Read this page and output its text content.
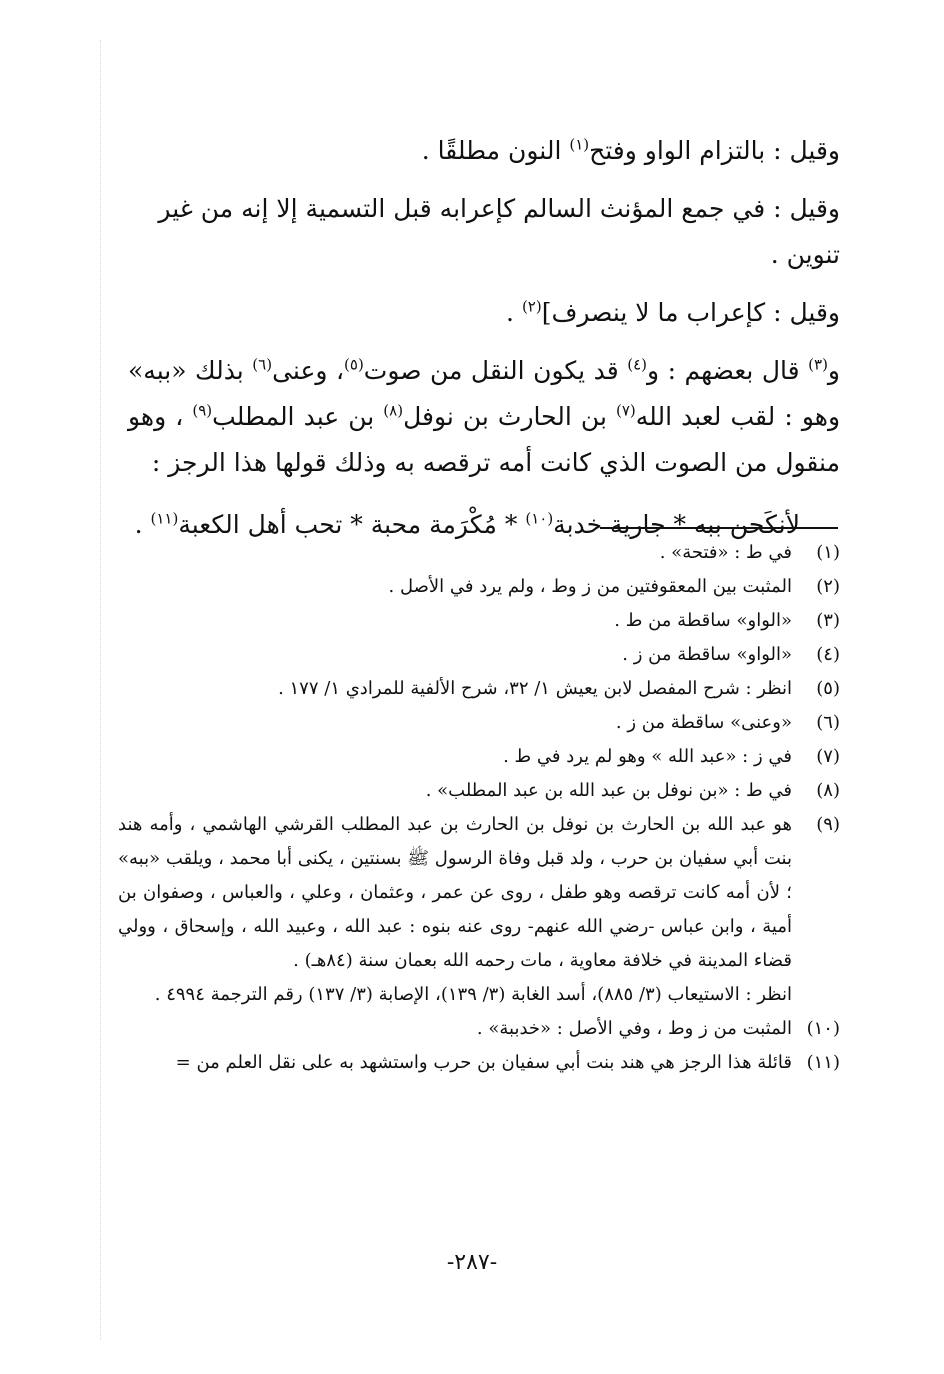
وقيل : بالتزام الواو وفتح$^{(١)}$ النون مطلقًا .

وقيل : في جمع المؤنث السالم كإعرابه قبل التسمية إلا إنه من غير تنوين .

وقيل : كإعراب ما لا ينصرف]$^{(٢)}$ .

و$^{(٣)}$ قال بعضهم : و$^{(٤)}$ قد يكون النقل من صوت$^{(٥)}$، وعنى$^{(٦)}$ بذلك «ببه» وهو : لقب لعبد الله$^{(٧)}$ بن الحارث بن نوفل$^{(٨)}$ بن عبد المطلب$^{(٩)}$ ، وهو منقول من الصوت الذي كانت أمه ترقصه به وذلك قولها هذا الرجز :

لأنكَحن ببه * جارية خدبة$^{(١٠)}$ * مُكْرَمة محبة * تحب أهل الكعبة$^{(١١)}$ .

(١)
في ط : «فتحة» .
(٢)
المثبت بين المعقوفتين من ز وط ، ولم يرد في الأصل .
(٣)
«الواو» ساقطة من ط .
(٤)
«الواو» ساقطة من ز .
(٥)
انظر : شرح المفصل لابن يعيش ١/ ٣٢، شرح الألفية للمرادي ١/ ١٧٧ .
(٦)
«وعنى» ساقطة من ز .
(٧)
في ز : «عبد الله » وهو لم يرد في ط .
(٨)
في ط : «بن نوفل بن عبد الله بن عبد المطلب» .
(٩)

هو عبد الله بن الحارث بن نوفل بن الحارث بن عبد المطلب القرشي الهاشمي ، وأمه هند بنت أبي سفيان بن حرب ، ولد قبل وفاة الرسول ﷺ بسنتين ، يكنى أبا محمد ، ويلقب «ببه» ؛ لأن أمه كانت ترقصه وهو طفل ، روى عن عمر ، وعثمان ، وعلي ، والعباس ، وصفوان بن أمية ، وابن عباس -رضي الله عنهم- روى عنه بنوه : عبد الله ، وعبيد الله ، وإسحاق ، وولي قضاء المدينة في خلافة معاوية ، مات رحمه الله بعمان سنة (٨٤هـ) .

انظر : الاستيعاب (٣/ ٨٨٥)، أسد الغابة (٣/ ١٣٩)، الإصابة (٣/ ١٣٧) رقم الترجمة ٤٩٩٤ .

(١٠)
المثبت من ز وط ، وفي الأصل : «خدببة» .
(١١)
قائلة هذا الرجز هي هند بنت أبي سفيان بن حرب واستشهد به على نقل العلم من =
-٢٨٧-
